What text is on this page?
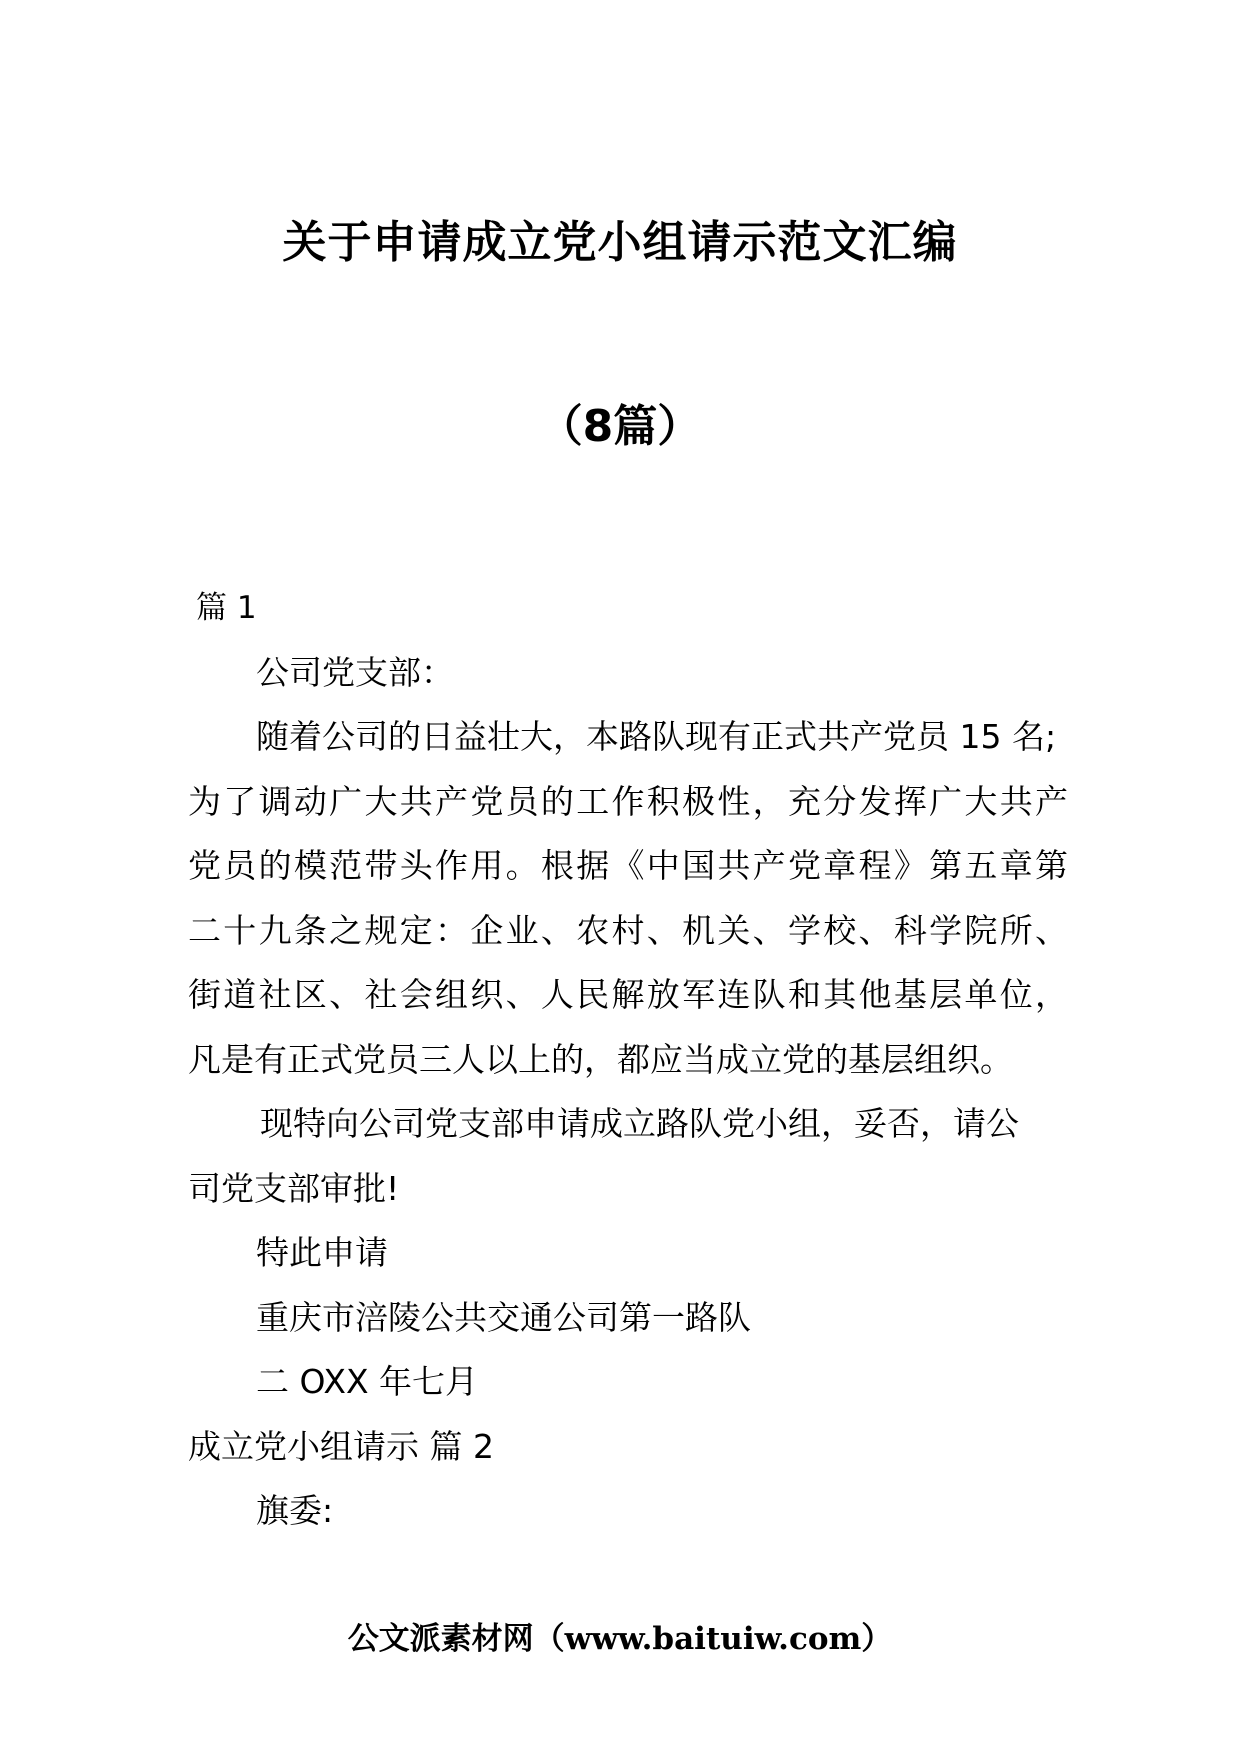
关于申请成立党小组请示范文汇编
（8篇）
篇 1
公司党支部：
随着公司的日益壮大，本路队现有正式共产党员 15 名;
为了调动广大共产党员的工作积极性，充分发挥广大共产
党员的模范带头作用。根据《中国共产党章程》第五章第
二十九条之规定：企业、农村、机关、学校、科学院所、
街道社区、社会组织、人民解放军连队和其他基层单位，
凡是有正式党员三人以上的，都应当成立党的基层组织。
现特向公司党支部申请成立路队党小组，妥否，请公
司党支部审批!
特此申请
重庆市涪陵公共交通公司第一路队
二 OXX 年七月
成立党小组请示 篇 2
旗委:

公文派素材网（www.baituiw.com）
